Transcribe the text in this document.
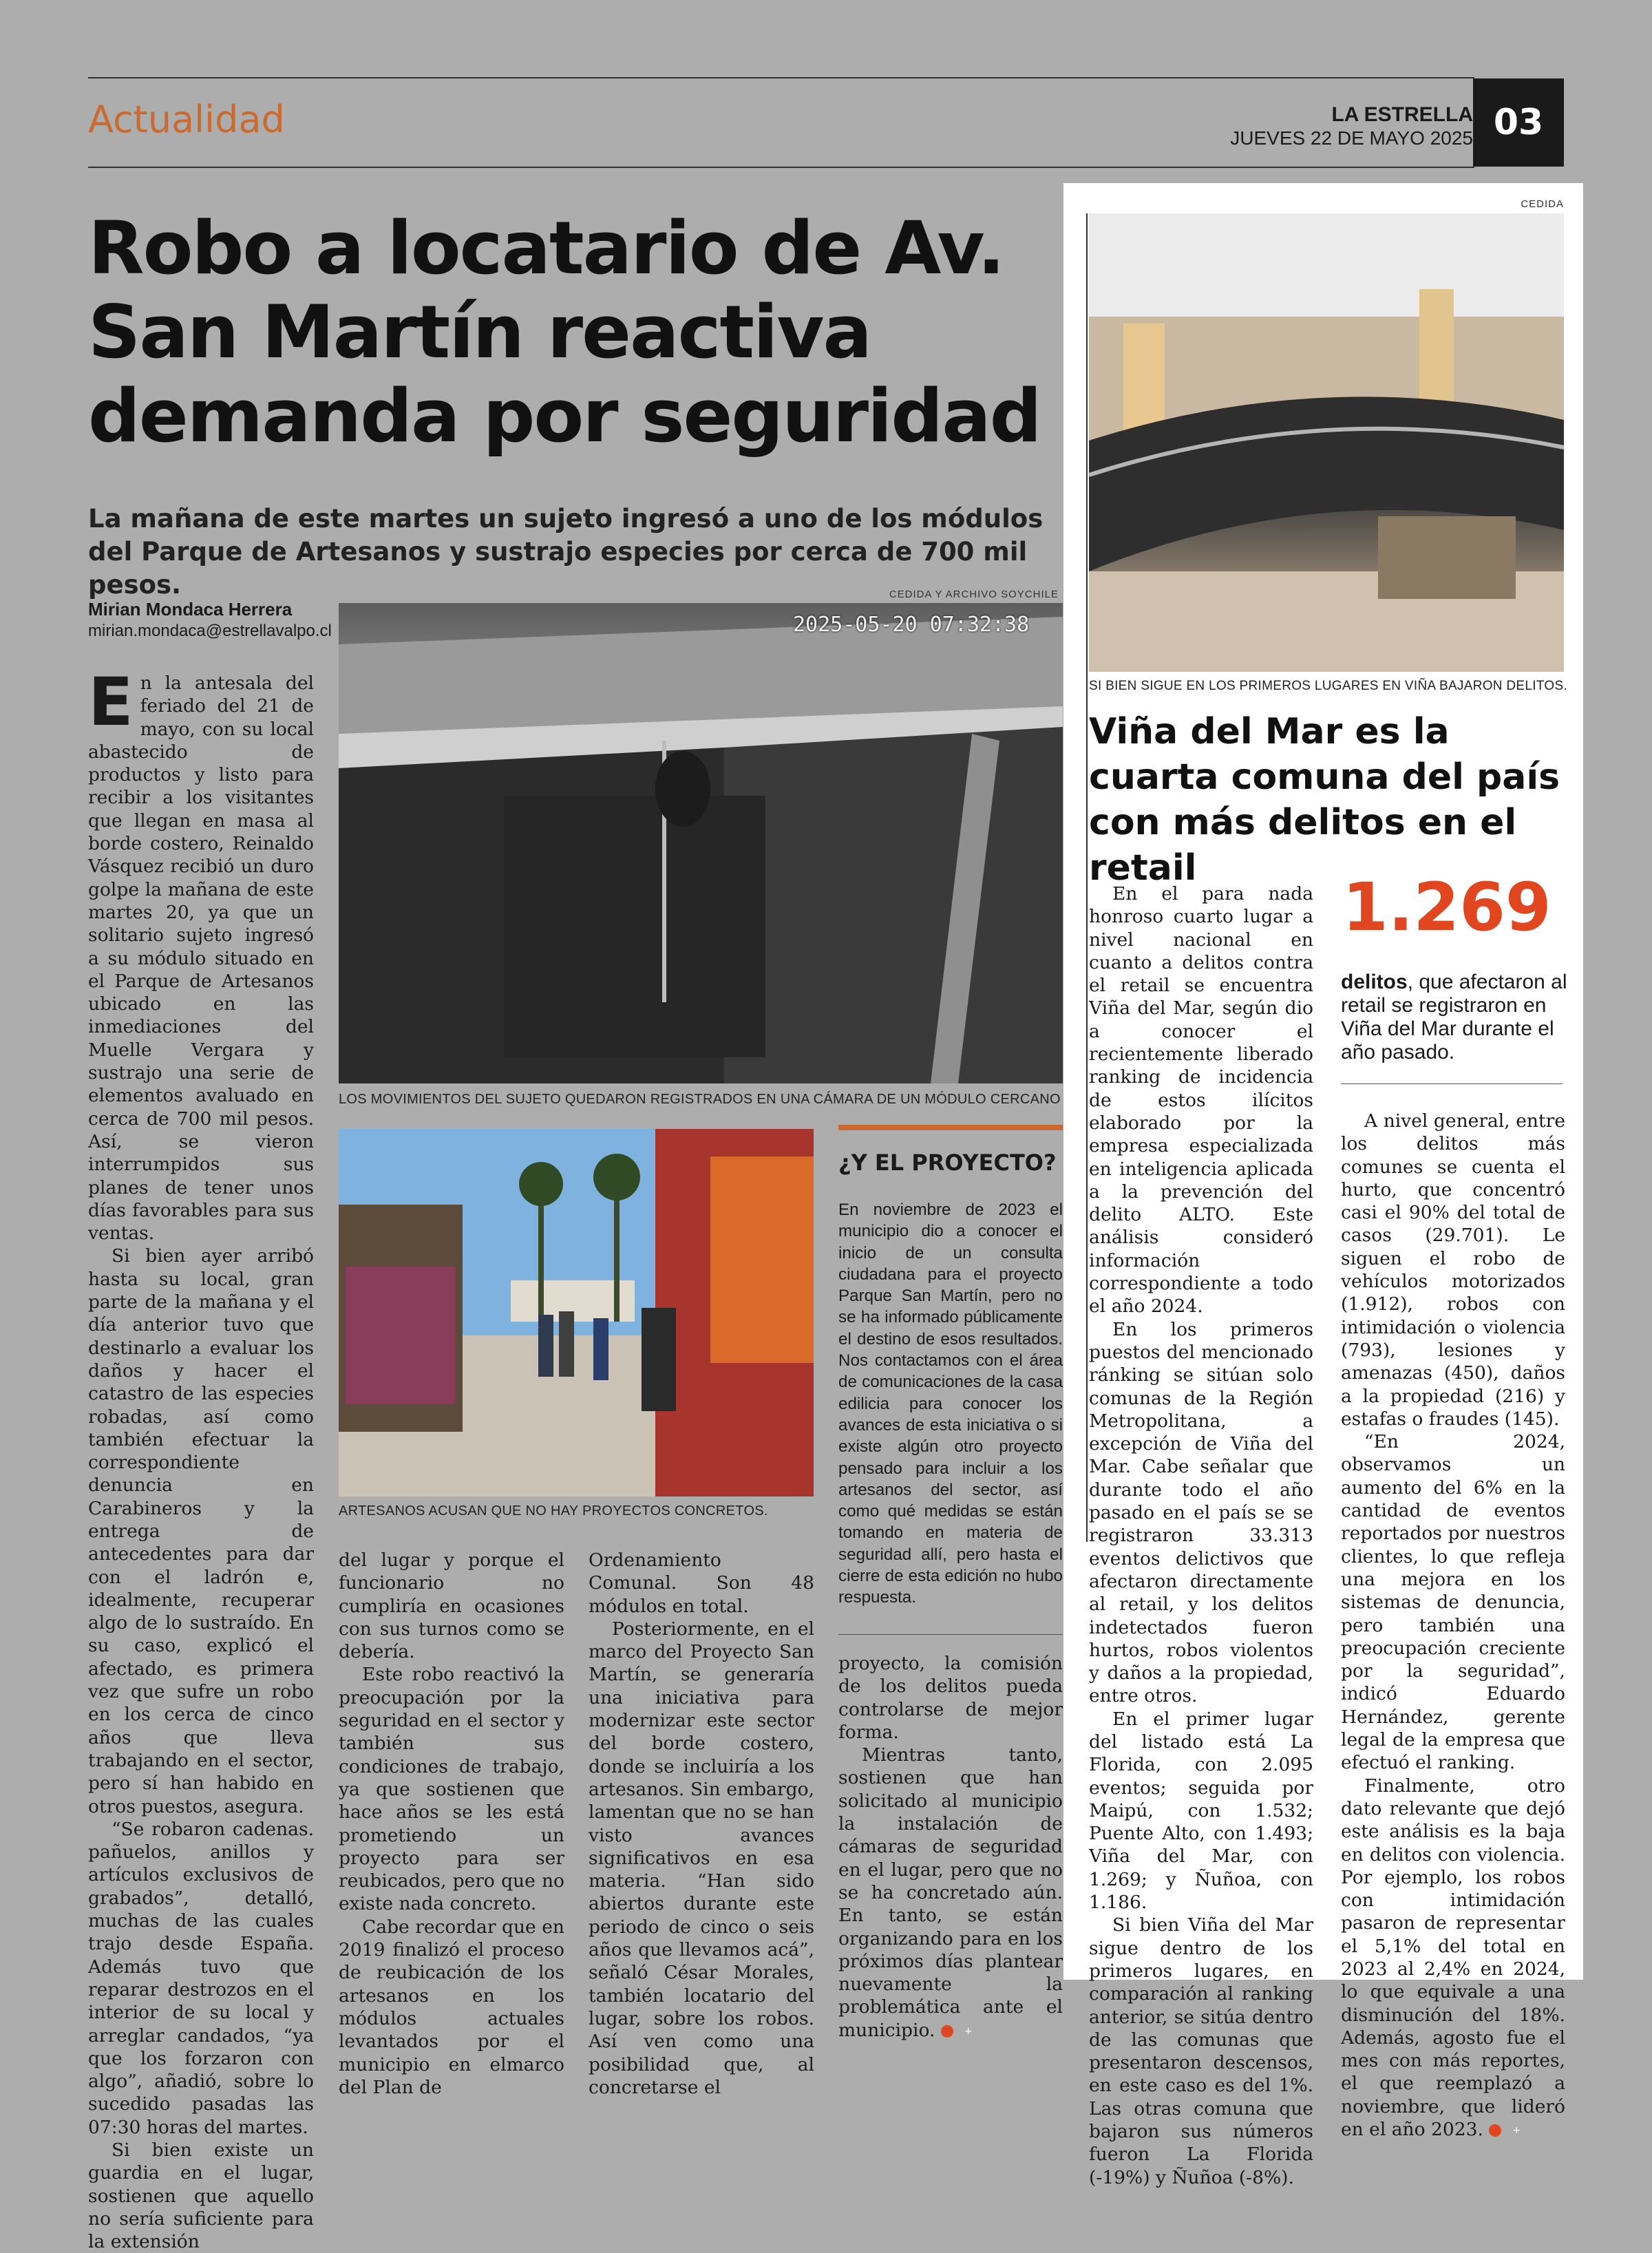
Actualidad	LA ESTRELLA
JUEVES 22 DE MAYO 2025 03
Robo a locatario de Av. San Martín reactiva demanda por seguridad
La mañana de este martes un sujeto ingresó a uno de los módulos del Parque de Artesanos y sustrajo especies por cerca de 700 mil pesos.
Mirian Mondaca Herrera
mirian.mondaca@estrellavalpo.cl
CEDIDA Y ARCHIVO SOYCHILE
2025-05-20 07:32:38
LOS MOVIMIENTOS DEL SUJETO QUEDARON REGISTRADOS EN UNA CÁMARA DE UN MÓDULO CERCANO
ARTESANOS ACUSAN QUE NO HAY PROYECTOS CONCRETOS.

En la antesala del feriado del 21 de mayo, con su local abastecido de productos y listo para recibir a los visitantes que llegan en masa al borde costero, Reinaldo Vásquez recibió un duro golpe la mañana de este martes 20, ya que un solitario sujeto ingresó a su módulo situado en el Parque de Artesanos ubicado en las inmediaciones del Muelle Vergara y sustrajo una serie de elementos avaluado en cerca de 700 mil pesos. Así, se vieron interrumpidos sus planes de tener unos días favorables para sus ventas.

Si bien ayer arribó hasta su local, gran parte de la mañana y el día anterior tuvo que destinarlo a evaluar los daños y hacer el catastro de las especies robadas, así como también efectuar la correspondiente denuncia en Carabineros y la entrega de antecedentes para dar con el ladrón e, idealmente, recuperar algo de lo sustraído. En su caso, explicó el afectado, es primera vez que sufre un robo en los cerca de cinco años que lleva trabajando en el sector, pero sí han habido en otros puestos, asegura.

“Se robaron cadenas. pañuelos, anillos y artículos exclusivos de grabados”, detalló, muchas de las cuales trajo desde España. Además tuvo que reparar destrozos en el interior de su local y arreglar candados, “ya que los forzaron con algo”, añadió, sobre lo sucedido pasadas las 07:30 horas del martes.

Si bien existe un guardia en el lugar, sostienen que aquello no sería suficiente para la extensión

del lugar y porque el funcionario no cumpliría en ocasiones con sus turnos como se debería.

Este robo reactivó la preocupación por la seguridad en el sector y también sus condiciones de trabajo, ya que sostienen que hace años se les está prometiendo un proyecto para ser reubicados, pero que no existe nada concreto.

Cabe recordar que en 2019 finalizó el proceso de reubicación de los artesanos en los módulos actuales levantados por el municipio en elmarco del Plan de

Ordenamiento Comunal. Son 48 módulos en total.

Posteriormente, en el marco del Proyecto San Martín, se generaría una iniciativa para modernizar este sector del borde costero, donde se incluiría a los artesanos. Sin embargo, lamentan que no se han visto avances significativos en esa materia. “Han sido abiertos durante este periodo de cinco o seis años que llevamos acá”, señaló César Morales, también locatario del lugar, sobre los robos. Así ven como una posibilidad que, al concretarse el

proyecto, la comisión de los delitos pueda controlarse de mejor forma.

Mientras tanto, sostienen que han solicitado al municipio la instalación de cámaras de seguridad en el lugar, pero que no se ha concretado aún. En tanto, se están organizando para en los próximos días plantear nuevamente la problemática ante el municipio.	+

¿Y EL PROYECTO?
En noviembre de 2023 el municipio dio a conocer el inicio de un consulta ciudadana para el proyecto Parque San Martín, pero no se ha informado públicamente el destino de esos resultados. Nos contactamos con el área de comunicaciones de la casa edilicia para conocer los avances de esta iniciativa o si existe algún otro proyecto pensado para incluir a los artesanos del sector, así como qué medidas se están tomando en materia de seguridad allí, pero hasta el cierre de esta edición no hubo respuesta.
CEDIDA
SI BIEN SIGUE EN LOS PRIMEROS LUGARES EN VIÑA BAJARON DELITOS.
Viña del Mar es la cuarta comuna del país con más delitos en el retail
1.269
delitos, que afectaron al retail se registraron en Viña del Mar durante el año pasado.

En el para nada honroso cuarto lugar a nivel nacional en cuanto a delitos contra el retail se encuentra Viña del Mar, según dio a conocer el recientemente liberado ranking de incidencia de estos ilícitos elaborado por la empresa especializada en inteligencia aplicada a la prevención del delito ALTO. Este análisis consideró información correspondiente a todo el año 2024.

En los primeros puestos del mencionado ránking se sitúan solo comunas de la Región Metropolitana, a excepción de Viña del Mar. Cabe señalar que durante todo el año pasado en el país se se registraron 33.313 eventos delictivos que afectaron directamente al retail, y los delitos indetectados fueron hurtos, robos violentos y daños a la propiedad, entre otros.

En el primer lugar del listado está La Florida, con 2.095 eventos; seguida por Maipú, con 1.532; Puente Alto, con 1.493; Viña del Mar, con 1.269; y Ñuñoa, con 1.186.

Si bien Viña del Mar sigue dentro de los primeros lugares, en comparación al ranking anterior, se sitúa dentro de las comunas que presentaron descensos, en este caso es del 1%. Las otras comuna que bajaron sus números fueron La Florida (-19%) y Ñuñoa (-8%).

A nivel general, entre los delitos más comunes se cuenta el hurto, que concentró casi el 90% del total de casos (29.701). Le siguen el robo de vehículos motorizados (1.912), robos con intimidación o violencia (793), lesiones y amenazas (450), daños a la propiedad (216) y estafas o fraudes (145).

“En 2024, observamos un aumento del 6% en la cantidad de eventos reportados por nuestros clientes, lo que refleja una mejora en los sistemas de denuncia, pero también una preocupación creciente por la seguridad”, indicó Eduardo Hernández, gerente legal de la empresa que efectuó el ranking.

Finalmente, otro dato relevante que dejó este análisis es la baja en delitos con violencia. Por ejemplo, los robos con intimidación pasaron de representar el 5,1% del total en 2023 al 2,4% en 2024, lo que equivale a una disminución del 18%. Además, agosto fue el mes con más reportes, el que reemplazó a noviembre, que lideró en el año 2023.	+
